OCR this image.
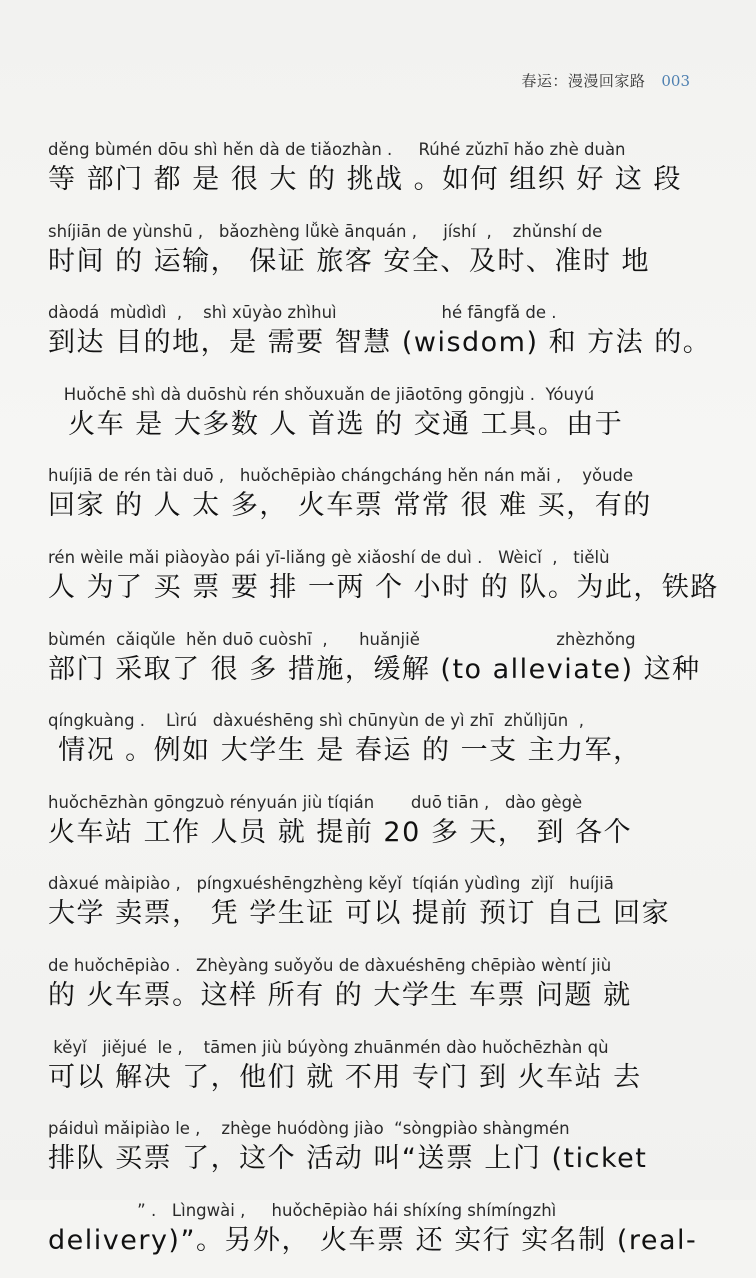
春运：漫漫回家路 003
děng bùmén dōu shì hěn dà de tiǎozhàn .     Rúhé zǔzhī hǎo zhè duàn
等 部门 都 是 很 大 的 挑战 。如何 组织 好 这 段
shíjiān de yùnshū ,   bǎozhèng lǚkè ānquán ,     jíshí  ,    zhǔnshí de
时间 的 运输， 保证 旅客 安全、及时、准时 地
dàodá  mùdìdì  ,    shì xūyào zhìhuì                    hé fāngfǎ de .
到达 目的地，是 需要 智慧 (wisdom) 和 方法 的。
Huǒchē shì dà duōshù rén shǒuxuǎn de jiāotōng gōngjù .  Yóuyú
火车 是 大多数 人 首选 的 交通 工具。由于
huíjiā de rén tài duō ,   huǒchēpiào chángcháng hěn nán mǎi ,    yǒude
回家 的 人 太 多， 火车票 常常 很 难 买，有的
rén wèile mǎi piàoyào pái yī-liǎng gè xiǎoshí de duì .   Wèicǐ  ,   tiělù
人 为了 买 票 要 排 一两 个 小时 的 队。为此，铁路
bùmén  cǎiqǔle  hěn duō cuòshī  ,      huǎnjiě                          zhèzhǒng
部门 采取了 很 多 措施，缓解 (to alleviate) 这种
qíngkuàng .    Lìrú   dàxuéshēng shì chūnyùn de yì zhī  zhǔlìjūn  ,
情况 。例如 大学生 是 春运 的 一支 主力军，
huǒchēzhàn gōngzuò rényuán jiù tíqián       duō tiān ,   dào gègè
火车站 工作 人员 就 提前 20 多 天， 到 各个
dàxué màipiào ,   píngxuéshēngzhèng kěyǐ  tíqián yùdìng  zìjǐ   huíjiā
大学 卖票， 凭 学生证 可以 提前 预订 自己 回家
de huǒchēpiào .   Zhèyàng suǒyǒu de dàxuéshēng chēpiào wèntí jiù
的 火车票。这样 所有 的 大学生 车票 问题 就
kěyǐ   jiějué  le ,    tāmen jiù búyòng zhuānmén dào huǒchēzhàn qù
可以 解决 了，他们 就 不用 专门 到 火车站 去
páiduì mǎipiào le ,    zhège huódòng jiào  “sòngpiào shàngmén
排队 买票 了，这个 活动 叫“送票 上门 (ticket
” .   Lìngwài ,     huǒchēpiào hái shíxíng shímíngzhì
delivery)”。另外， 火车票 还 实行 实名制 (real-
